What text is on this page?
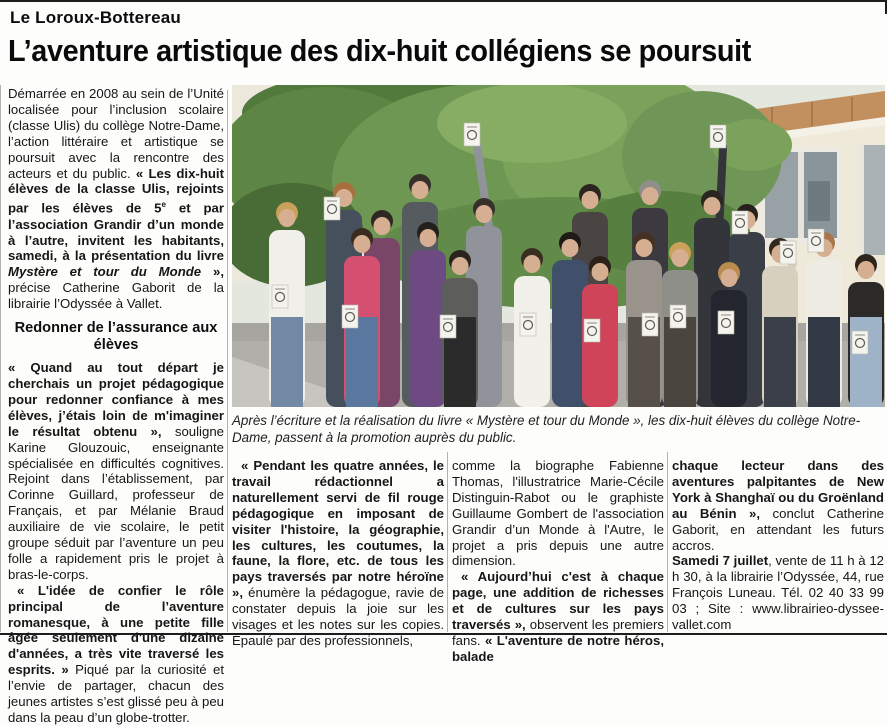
Le Loroux-Bottereau
L’aventure artistique des dix-huit collégiens se poursuit

Démarrée en 2008 au sein de l’Unité localisée pour l’inclusion scolaire (classe Ulis) du collège Notre-Dame, l’action littéraire et artistique se poursuit avec la rencontre des acteurs et du public. « Les dix-huit élèves de la classe Ulis, rejoints par les élèves de 5e et par l’association Grandir d’un monde à l’autre, invitent les habitants, samedi, à la présentation du livre Mystère et tour du Monde », précise Catherine Gaborit de la librairie l’Odyssée à Vallet.

Redonner de l’assurance aux élèves

« Quand au tout départ je cherchais un projet pédagogique pour redonner confiance à mes élèves, j’étais loin de m'imaginer le résultat obtenu », souligne Karine Glouzouic, enseignante spécialisée en difficultés cognitives. Rejoint dans l’établissement, par Corinne Guillard, professeur de Français, et par Mélanie Braud auxiliaire de vie scolaire, le petit groupe séduit par l’aventure un peu folle a rapidement pris le projet à bras-le-corps.

« L'idée de confier le rôle principal de l’aventure romanesque, à une petite fille âgée seulement d'une dizaine d'années, a très vite traversé les esprits. » Piqué par la curiosité et l’envie de partager, chacun des jeunes artistes s’est glissé peu à peu dans la peau d’un globe-trotter.

Après l’écriture et la réalisation du livre « Mystère et tour du Monde », les dix-huit élèves du collège Notre-Dame, passent à la promotion auprès du public.

« Pendant les quatre années, le travail rédactionnel a naturellement servi de fil rouge pédagogique en imposant de visiter l'histoire, la géographie, les cultures, les coutumes, la faune, la flore, etc. de tous les pays traversés par notre héroïne », énumère la pédagogue, ravie de constater depuis la joie sur les visages et les notes sur les copies. Épaulé par des professionnels,

comme la biographe Fabienne Thomas, l'illustratrice Marie-Cécile Distinguin-Rabot ou le graphiste Guillaume Gombert de l'association Grandir d’un Monde à l'Autre, le projet a pris depuis une autre dimension.

« Aujourd’hui c'est à chaque page, une addition de richesses et de cultures sur les pays traversés », observent les premiers fans. « L'aventure de notre héros, balade

chaque lecteur dans des aventures palpitantes de New York à Shanghaï ou du Groënland au Bénin », conclut Catherine Gaborit, en attendant les futurs accros.

Samedi 7 juillet, vente de 11 h à 12 h 30, à la librairie l’Odyssée, 44, rue François Luneau. Tél. 02 40 33 99 03 ; Site : www.librairieo-dyssee-vallet.com
